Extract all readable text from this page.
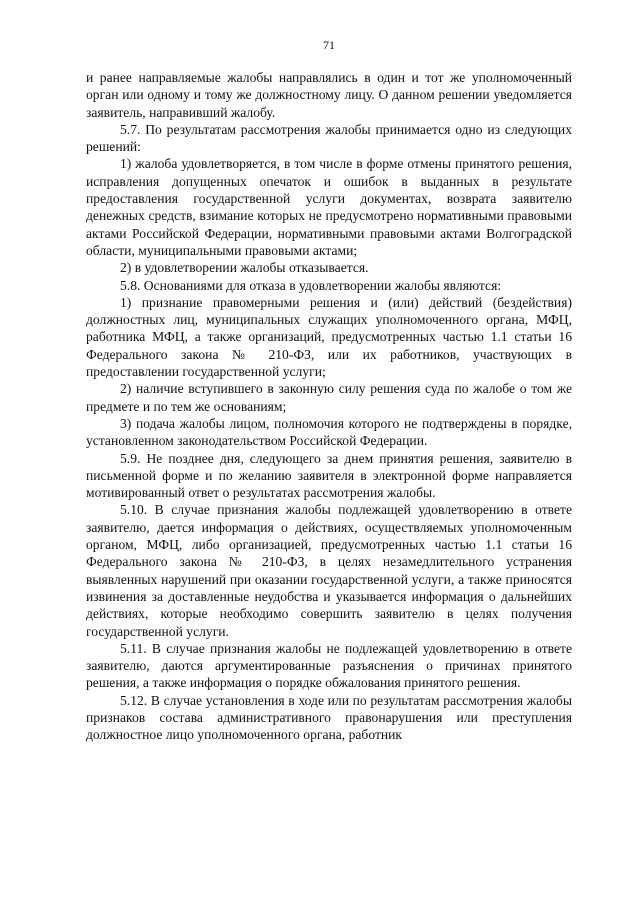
71

и ранее направляемые жалобы направлялись в один и тот же уполномоченный орган или одному и тому же должностному лицу. О данном решении уведомляется заявитель, направивший жалобу.

5.7. По результатам рассмотрения жалобы принимается одно из следующих решений:

1) жалоба удовлетворяется, в том числе в форме отмены принятого решения, исправления допущенных опечаток и ошибок в выданных в результате предоставления государственной услуги документах, возврата заявителю денежных средств, взимание которых не предусмотрено нормативными правовыми актами Российской Федерации, нормативными правовыми актами Волгоградской области, муниципальными правовыми актами;

2) в удовлетворении жалобы отказывается.

5.8. Основаниями для отказа в удовлетворении жалобы являются:

1) признание правомерными решения и (или) действий (бездействия) должностных лиц, муниципальных служащих уполномоченного органа, МФЦ, работника МФЦ, а также организаций, предусмотренных частью 1.1 статьи 16 Федерального закона № 210-ФЗ, или их работников, участвующих в предоставлении государственной услуги;

2) наличие вступившего в законную силу решения суда по жалобе о том же предмете и по тем же основаниям;

3) подача жалобы лицом, полномочия которого не подтверждены в порядке, установленном законодательством Российской Федерации.

5.9. Не позднее дня, следующего за днем принятия решения, заявителю в письменной форме и по желанию заявителя в электронной форме направляется мотивированный ответ о результатах рассмотрения жалобы.

5.10. В случае признания жалобы подлежащей удовлетворению в ответе заявителю, дается информация о действиях, осуществляемых уполномоченным органом, МФЦ, либо организацией, предусмотренных частью 1.1 статьи 16 Федерального закона № 210-ФЗ, в целях незамедлительного устранения выявленных нарушений при оказании государственной услуги, а также приносятся извинения за доставленные неудобства и указывается информация о дальнейших действиях, которые необходимо совершить заявителю в целях получения государственной услуги.

5.11. В случае признания жалобы не подлежащей удовлетворению в ответе заявителю, даются аргументированные разъяснения о причинах принятого решения, а также информация о порядке обжалования принятого решения.

5.12. В случае установления в ходе или по результатам рассмотрения жалобы признаков состава административного правонарушения или преступления должностное лицо уполномоченного органа, работник
